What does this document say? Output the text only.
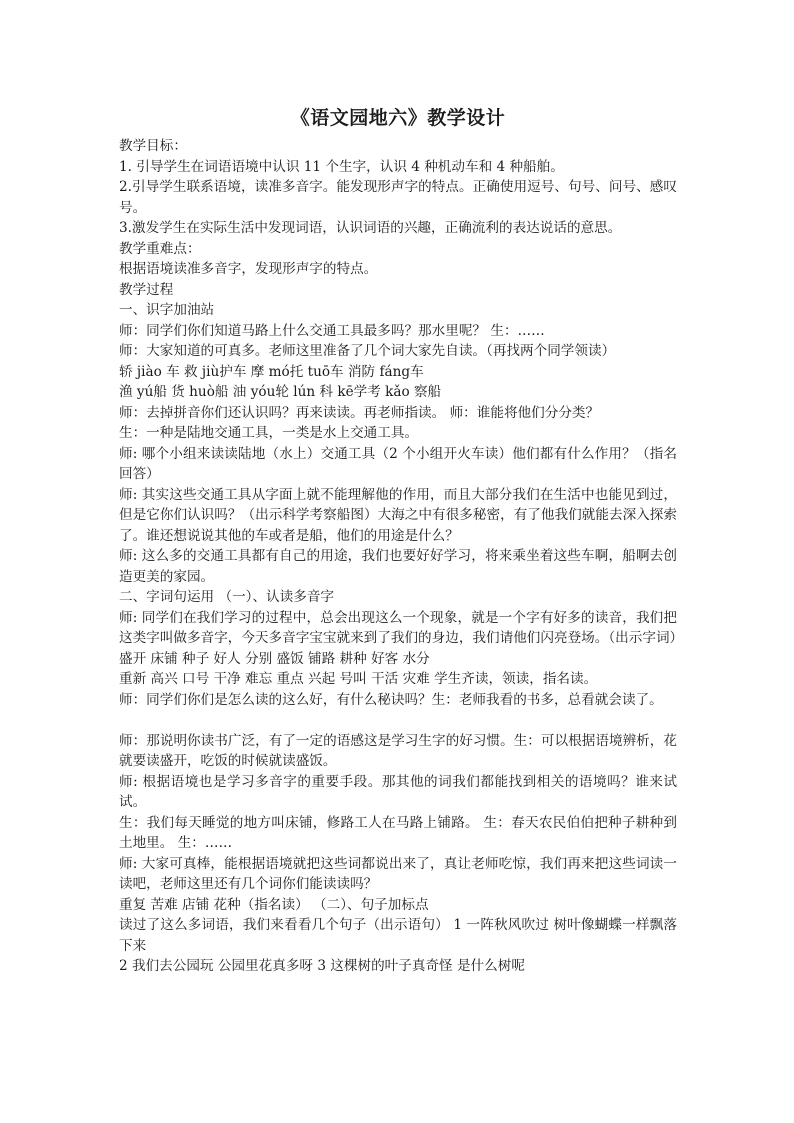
《语文园地六》教学设计

教学目标：

1. 引导学生在词语语境中认识 11 个生字，认识 4 种机动车和 4 种船舶。

2.引导学生联系语境，读准多音字。能发现形声字的特点。正确使用逗号、句号、问号、感叹号。

3.激发学生在实际生活中发现词语，认识词语的兴趣，正确流利的表达说话的意思。

教学重难点：

根据语境读准多音字，发现形声字的特点。

教学过程

一、识字加油站

师：同学们你们知道马路上什么交通工具最多吗？那水里呢？ 生：……

师：大家知道的可真多。老师这里准备了几个词大家先自读。（再找两个同学领读）

轿 jiào 车 救 jiù护车 摩 mó托 tuō车 消防 fáng车

渔 yú船 货 huò船 油 yóu轮 lún 科 kē学考 kǎo 察船

师：去掉拼音你们还认识吗？再来读读。再老师指读。 师：谁能将他们分分类？

生：一种是陆地交通工具，一类是水上交通工具。

师: 哪个小组来读读陆地（水上）交通工具（2 个小组开火车读）他们都有什么作用？（指名回答）

师: 其实这些交通工具从字面上就不能理解他的作用，而且大部分我们在生活中也能见到过，但是它你们认识吗？（出示科学考察船图）大海之中有很多秘密，有了他我们就能去深入探索了。谁还想说说其他的车或者是船，他们的用途是什么？

师: 这么多的交通工具都有自己的用途，我们也要好好学习，将来乘坐着这些车啊，船啊去创造更美的家园。

二、字词句运用 （一）、认读多音字

师: 同学们在我们学习的过程中，总会出现这么一个现象，就是一个字有好多的读音，我们把这类字叫做多音字，今天多音字宝宝就来到了我们的身边，我们请他们闪亮登场。（出示字词）

盛开 床铺 种子 好人 分别 盛饭 铺路 耕种 好客 水分

重新 高兴 口号 干净 难忘 重点 兴起 号叫 干活 灾难 学生齐读，领读，指名读。

师：同学们你们是怎么读的这么好，有什么秘诀吗？生：老师我看的书多，总看就会读了。

师：那说明你读书广泛，有了一定的语感这是学习生字的好习惯。生：可以根据语境辨析，花就要读盛开，吃饭的时候就读盛饭。

师: 根据语境也是学习多音字的重要手段。那其他的词我们都能找到相关的语境吗？谁来试试。

生：我们每天睡觉的地方叫床铺，修路工人在马路上铺路。 生：春天农民伯伯把种子耕种到土地里。 生：……

师: 大家可真棒，能根据语境就把这些词都说出来了，真让老师吃惊，我们再来把这些词读一读吧，老师这里还有几个词你们能读读吗？

重复 苦难 店铺 花种（指名读） （二）、句子加标点

读过了这么多词语，我们来看看几个句子（出示语句） 1 一阵秋风吹过 树叶像蝴蝶一样飘落下来

2 我们去公园玩 公园里花真多呀 3 这棵树的叶子真奇怪 是什么树呢
